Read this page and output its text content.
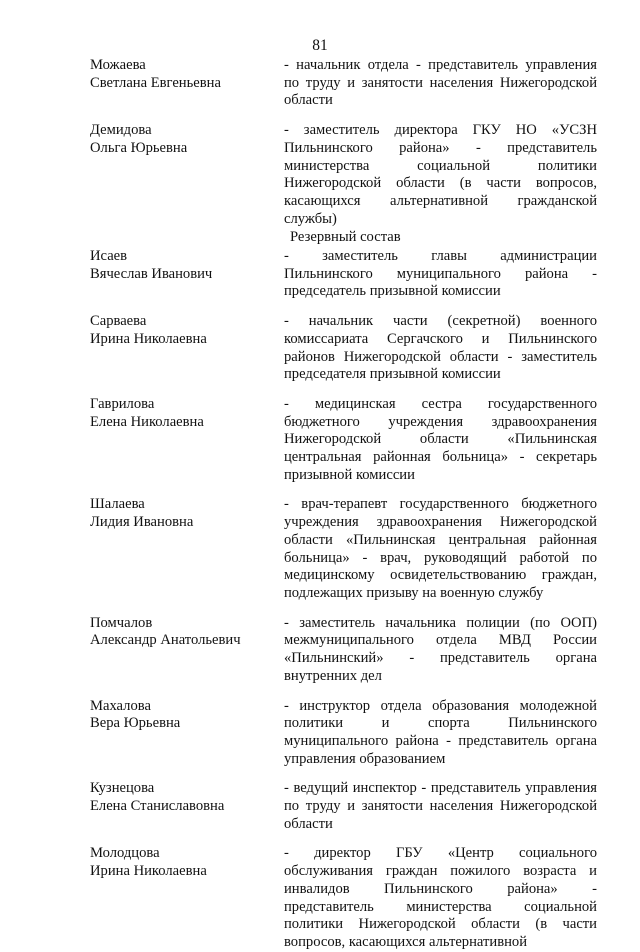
81
Можаева
Светлана Евгеньевна
- начальник отдела - представитель управления по труду и занятости населения Нижегородской области
Демидова
Ольга Юрьевна
- заместитель директора ГКУ НО «УСЗН Пильнинского района» - представитель министерства социальной политики Нижегородской области (в части вопросов, касающихся альтернативной гражданской службы)
Резервный состав
Исаев
Вячеслав Иванович
- заместитель главы администрации Пильнинского муниципального района - председатель призывной комиссии
Сарваева
Ирина Николаевна
- начальник части (секретной) военного комиссариата Сергачского и Пильнинского районов Нижегородской области - заместитель председателя призывной комиссии
Гаврилова
Елена Николаевна
- медицинская сестра государственного бюджетного учреждения здравоохранения Нижегородской области «Пильнинская центральная районная больница» - секретарь призывной комиссии
Шалаева
Лидия Ивановна
- врач-терапевт государственного бюджетного учреждения здравоохранения Нижегородской области «Пильнинская центральная районная больница» - врач, руководящий работой по медицинскому освидетельствованию граждан, подлежащих призыву на военную службу
Помчалов
Александр Анатольевич
- заместитель начальника полиции (по ООП) межмуниципального отдела МВД России «Пильнинский» - представитель органа внутренних дел
Махалова
Вера Юрьевна
- инструктор отдела образования молодежной политики и спорта Пильнинского муниципального района - представитель органа управления образованием
Кузнецова
Елена Станиславовна
- ведущий инспектор - представитель управления по труду и занятости населения Нижегородской области
Молодцова
Ирина Николаевна
- директор ГБУ «Центр социального обслуживания граждан пожилого возраста и инвалидов Пильнинского района» - представитель министерства социальной политики Нижегородской области (в части вопросов, касающихся альтернативной
